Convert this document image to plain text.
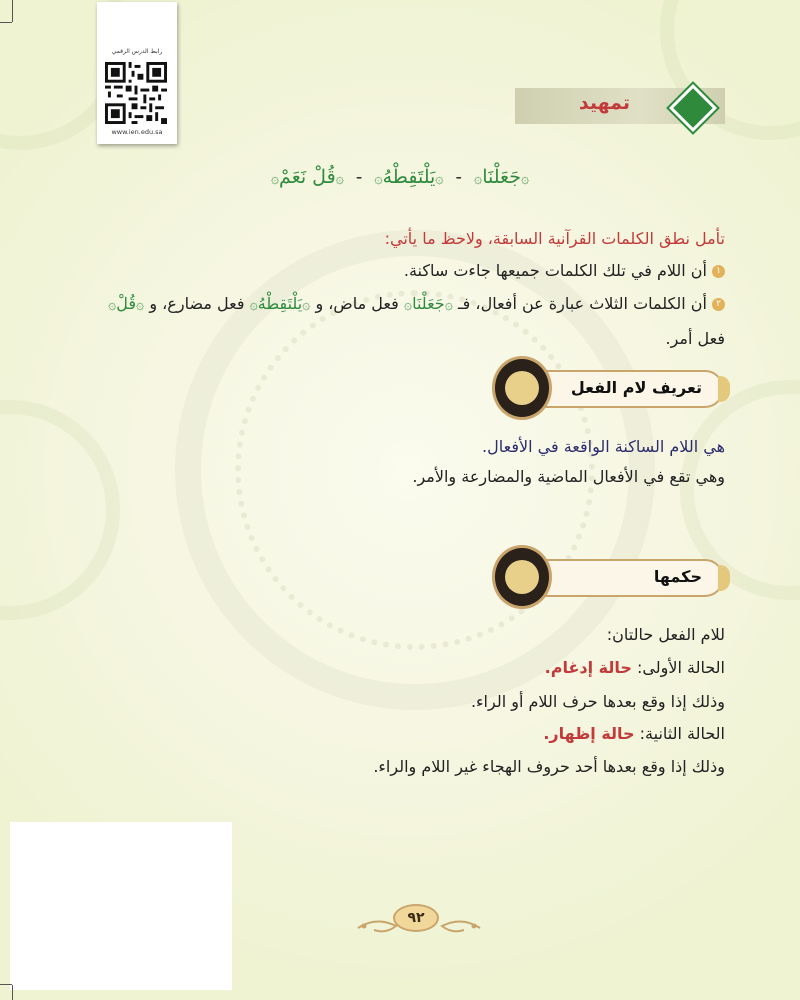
رابط الدرس الرقمي
www.ien.edu.sa
تمهيد
۞جَعَلْنَا۞ - ۞يَلْتَقِطْهُ۞ - ۞قُلْ نَعَمْ۞
تأمل نطق الكلمات القرآنية السابقة، ولاحظ ما يأتي:
١أن اللام في تلك الكلمات جميعها جاءت ساكنة.
٢أن الكلمات الثلاث عبارة عن أفعال، فـ ۞جَعَلْنَا۞ فعل ماض، و ۞يَلْتَقِطْهُ۞ فعل مضارع، و ۞قُلْ۞
فعل أمر.
تعريف لام الفعل
هي اللام الساكنة الواقعة في الأفعال.
وهي تقع في الأفعال الماضية والمضارعة والأمر.
حكمها
للام الفعل حالتان:
الحالة الأولى: حالة إدغام.
وذلك إذا وقع بعدها حرف اللام أو الراء.
الحالة الثانية: حالة إظهار.
وذلك إذا وقع بعدها أحد حروف الهجاء غير اللام والراء.
٩٢
